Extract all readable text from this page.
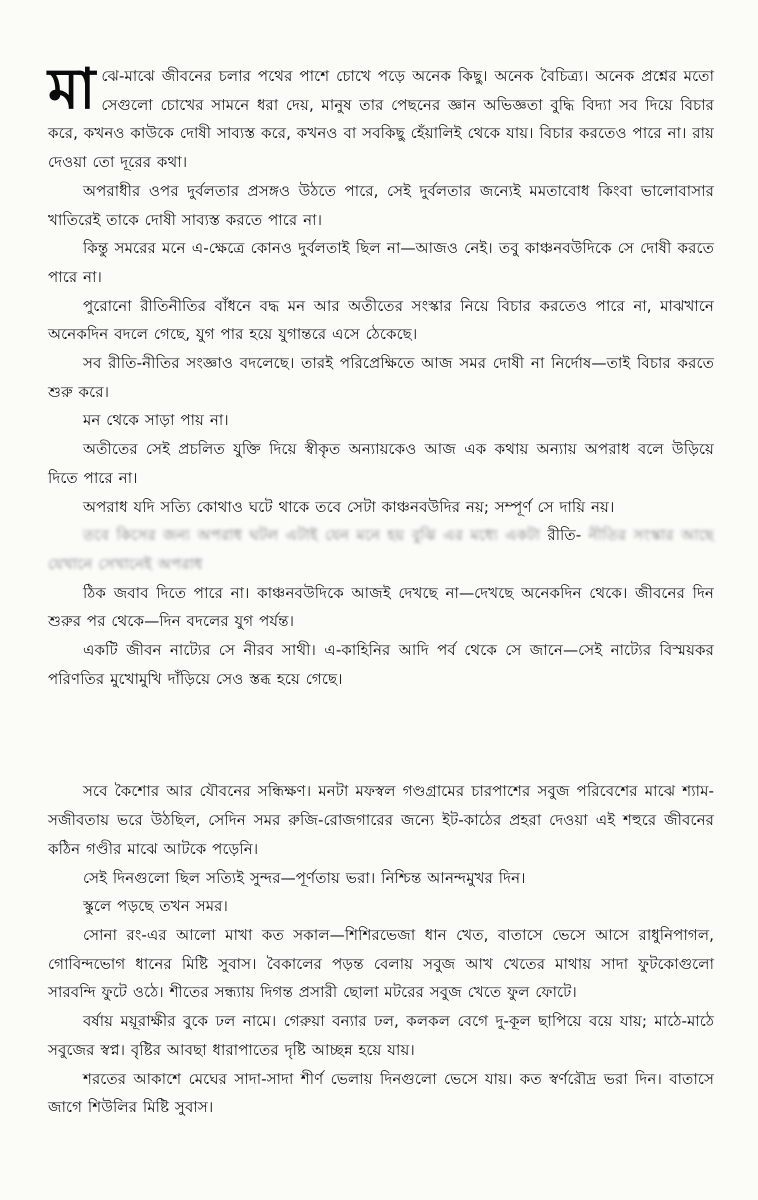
মাঝে-মাঝে জীবনের চলার পথের পাশে চোখে পড়ে অনেক কিছু। অনেক বৈচিত্র্য। অনেক প্রশ্নের মতো সেগুলো চোখের সামনে ধরা দেয়, মানুষ তার পেছনের জ্ঞান অভিজ্ঞতা বুদ্ধি বিদ্যা সব দিয়ে বিচার করে, কখনও কাউকে দোষী সাব্যস্ত করে, কখনও বা সবকিছু হেঁয়ালিই থেকে যায়। বিচার করতেও পারে না। রায় দেওয়া তো দূরের কথা।

অপরাধীর ওপর দুর্বলতার প্রসঙ্গও উঠতে পারে, সেই দুর্বলতার জন্যেই মমতাবোধ কিংবা ভালোবাসার খাতিরেই তাকে দোষী সাব্যস্ত করতে পারে না।

কিন্তু সমরের মনে এ-ক্ষেত্রে কোনও দুর্বলতাই ছিল না—আজও নেই। তবু কাঞ্চনবউদিকে সে দোষী করতে পারে না।

পুরোনো রীতিনীতির বাঁধনে বদ্ধ মন আর অতীতের সংস্কার নিয়ে বিচার করতেও পারে না, মাঝখানে অনেকদিন বদলে গেছে, যুগ পার হয়ে যুগান্তরে এসে ঠেকেছে।

সব রীতি-নীতির সংজ্ঞাও বদলেছে। তারই পরিপ্রেক্ষিতে আজ সমর দোষী না নির্দোষ—তাই বিচার করতে শুরু করে।

মন থেকে সাড়া পায় না।

অতীতের সেই প্রচলিত যুক্তি দিয়ে স্বীকৃত অন্যায়কেও আজ এক কথায় অন্যায় অপরাধ বলে উড়িয়ে দিতে পারে না।

অপরাধ যদি সত্যি কোথাও ঘটে থাকে তবে সেটা কাঞ্চনবউদির নয়; সম্পূর্ণ সে দায়ি নয়।

তবে কিসের জন্য অপরাধ ঘটল এটাই যেন মনে হয় বুঝি এর মধ্যে একটা রীতি- নীতির সংস্কার আছে যেখানে সেখানেই অপরাধ

ঠিক জবাব দিতে পারে না। কাঞ্চনবউদিকে আজই দেখছে না—দেখছে অনেকদিন থেকে। জীবনের দিন শুরুর পর থেকে—দিন বদলের যুগ পর্যন্ত।

একটি জীবন নাট্যের সে নীরব সাথী। এ-কাহিনির আদি পর্ব থেকে সে জানে—সেই নাট্যের বিস্ময়কর পরিণতির মুখোমুখি দাঁড়িয়ে সেও স্তব্ধ হয়ে গেছে।

সবে কৈশোর আর যৌবনের সন্ধিক্ষণ। মনটা মফস্বল গণ্ডগ্রামের চারপাশের সবুজ পরিবেশের মাঝে শ্যাম-সজীবতায় ভরে উঠছিল, সেদিন সমর রুজি-রোজগারের জন্যে ইট-কাঠের প্রহরা দেওয়া এই শহুরে জীবনের কঠিন গণ্ডীর মাঝে আটকে পড়েনি।

সেই দিনগুলো ছিল সত্যিই সুন্দর—পূর্ণতায় ভরা। নিশ্চিন্ত আনন্দমুখর দিন।

স্কুলে পড়ছে তখন সমর।

সোনা রং-এর আলো মাখা কত সকাল—শিশিরভেজা ধান খেত, বাতাসে ভেসে আসে রাধুনিপাগল, গোবিন্দভোগ ধানের মিষ্টি সুবাস। বৈকালের পড়ন্ত বেলায় সবুজ আখ খেতের মাথায় সাদা ফুটকোগুলো সারবন্দি ফুটে ওঠে। শীতের সন্ধ্যায় দিগন্ত প্রসারী ছোলা মটরের সবুজ খেতে ফুল ফোটে।

বর্ষায় ময়ূরাক্ষীর বুকে ঢল নামে। গেরুয়া বন্যার ঢল, কলকল বেগে দু-কূল ছাপিয়ে বয়ে যায়; মাঠে-মাঠে সবুজের স্বপ্ন। বৃষ্টির আবছা ধারাপাতের দৃষ্টি আচ্ছন্ন হয়ে যায়।

শরতের আকাশে মেঘের সাদা-সাদা শীর্ণ ভেলায় দিনগুলো ভেসে যায়। কত স্বর্ণরৌদ্র ভরা দিন। বাতাসে জাগে শিউলির মিষ্টি সুবাস।
